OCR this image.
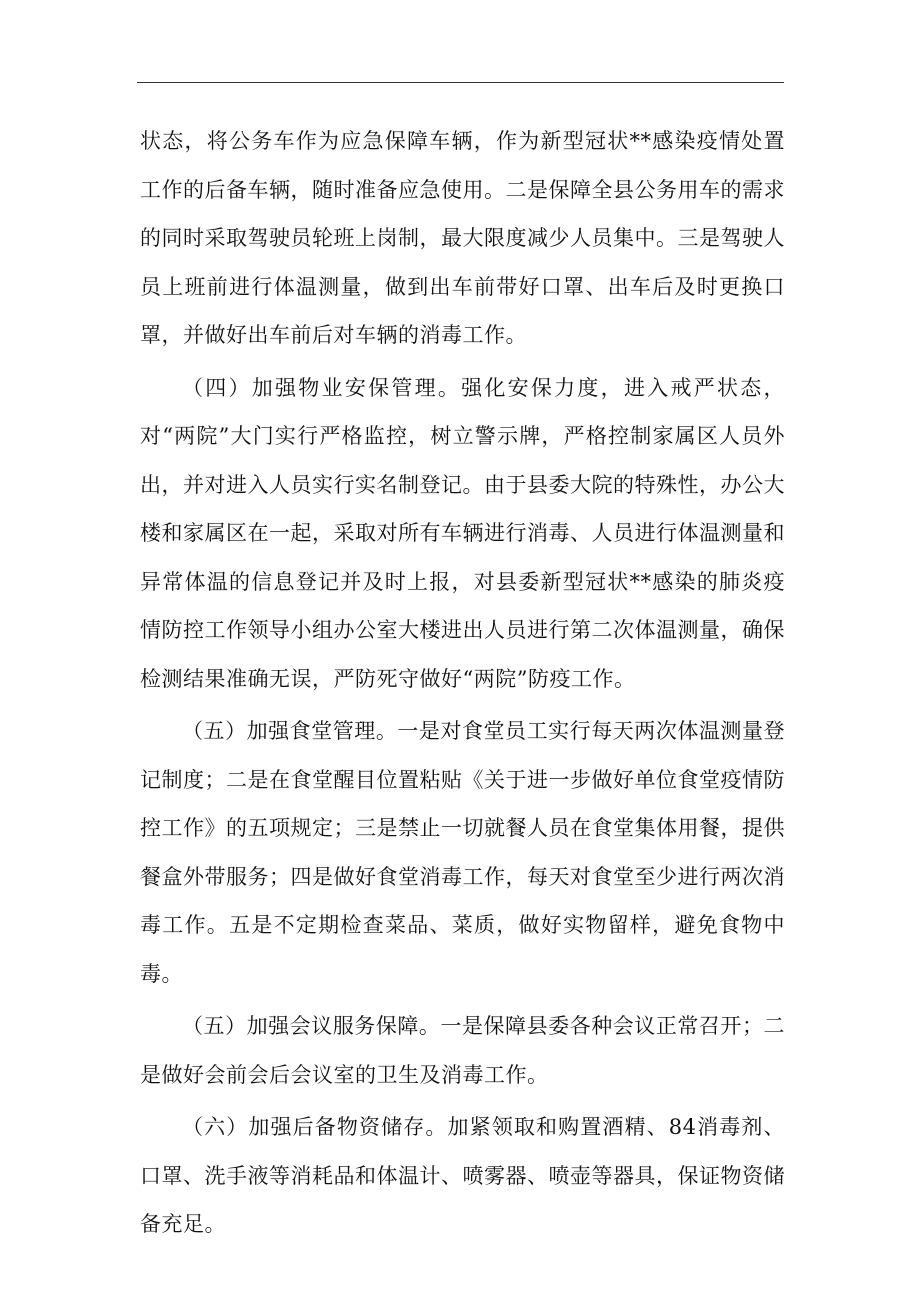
状态，将公务车作为应急保障车辆，作为新型冠状**感染疫情处置工作的后备车辆，随时准备应急使用。二是保障全县公务用车的需求的同时采取驾驶员轮班上岗制，最大限度减少人员集中。三是驾驶人员上班前进行体温测量，做到出车前带好口罩、出车后及时更换口罩，并做好出车前后对车辆的消毒工作。

（四）加强物业安保管理。强化安保力度，进入戒严状态，对“两院”大门实行严格监控，树立警示牌，严格控制家属区人员外出，并对进入人员实行实名制登记。由于县委大院的特殊性，办公大楼和家属区在一起，采取对所有车辆进行消毒、人员进行体温测量和异常体温的信息登记并及时上报，对县委新型冠状**感染的肺炎疫情防控工作领导小组办公室大楼进出人员进行第二次体温测量，确保检测结果准确无误，严防死守做好“两院”防疫工作。

（五）加强食堂管理。一是对食堂员工实行每天两次体温测量登记制度；二是在食堂醒目位置粘贴《关于进一步做好单位食堂疫情防控工作》的五项规定；三是禁止一切就餐人员在食堂集体用餐，提供餐盒外带服务；四是做好食堂消毒工作，每天对食堂至少进行两次消毒工作。五是不定期检查菜品、菜质，做好实物留样，避免食物中毒。

（五）加强会议服务保障。一是保障县委各种会议正常召开；二是做好会前会后会议室的卫生及消毒工作。

（六）加强后备物资储存。加紧领取和购置酒精、84消毒剂、口罩、洗手液等消耗品和体温计、喷雾器、喷壶等器具，保证物资储备充足。
